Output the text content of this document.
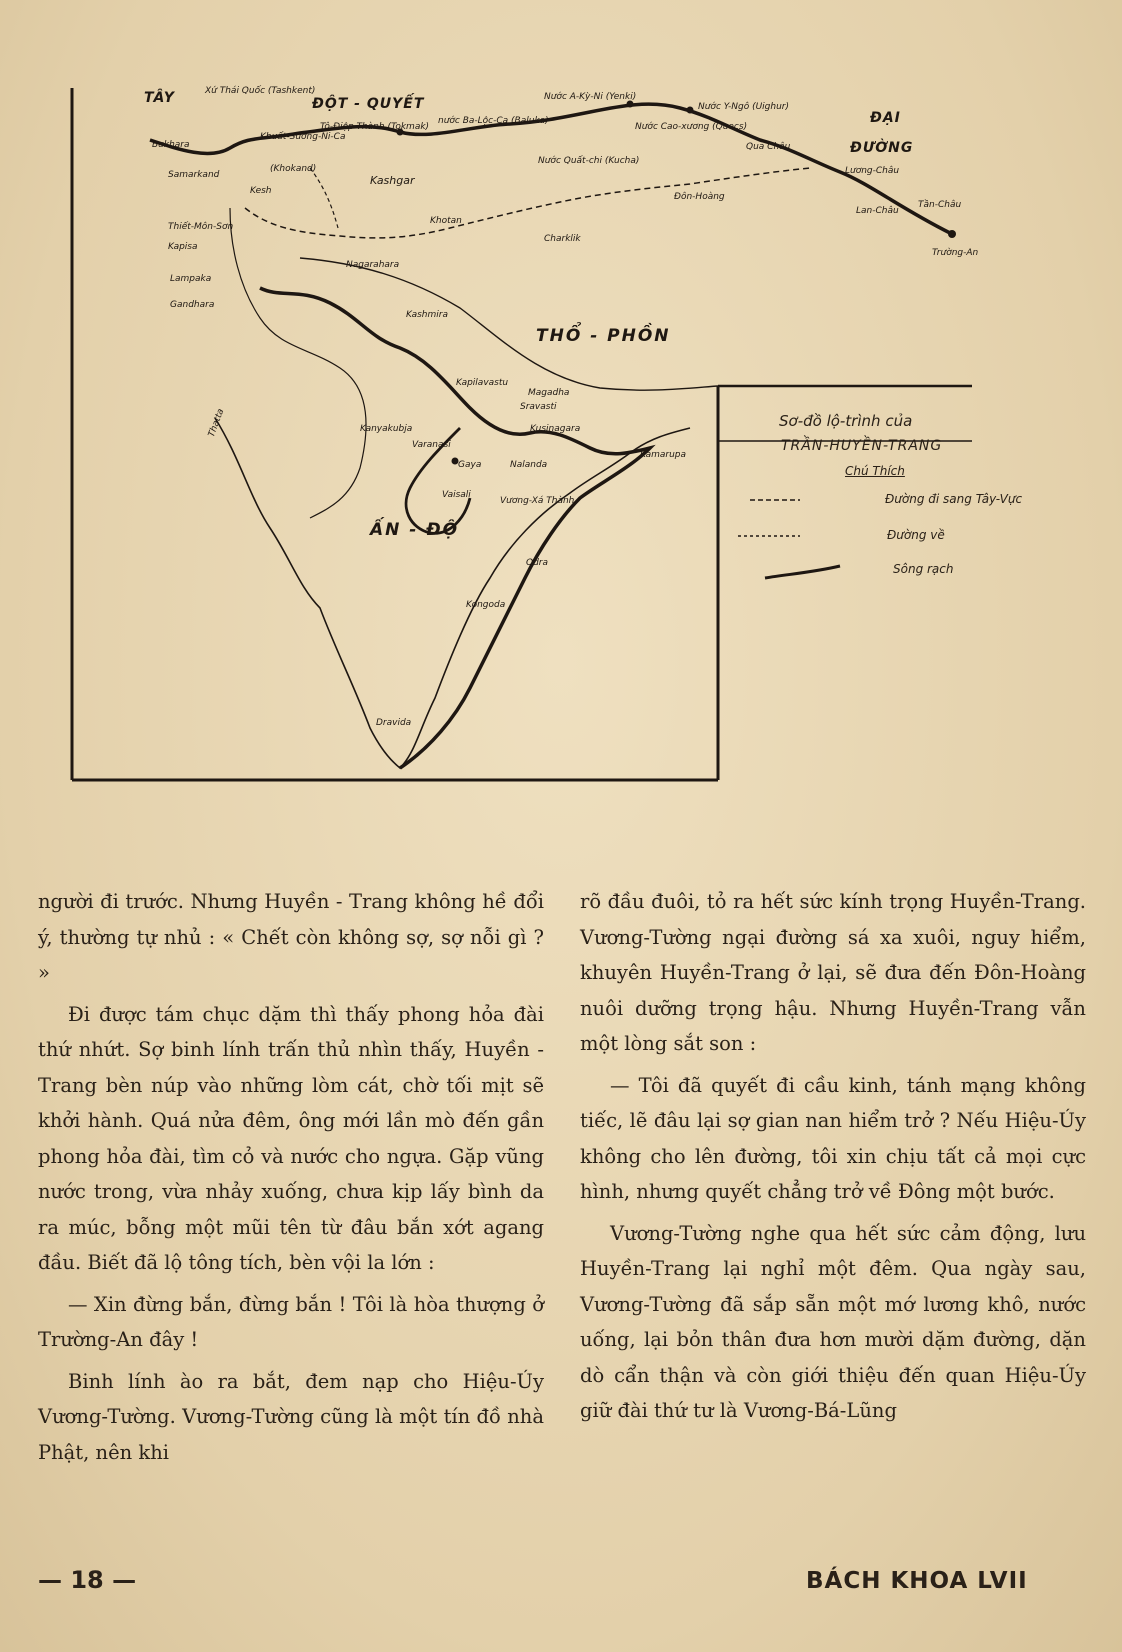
TÂY	Xứ Thái Quốc (Tashkent)
ĐỘT - QUYẾT
Tô-Điệp-Thành (Tokmak)
nước Ba-Lộc-Ca (Baluka)
Nước A-Kỳ-Ni (Yenki)
Nước Cao-xương (Quocs)
Nước Quất-chi (Kucha)
Nước Y-Ngô (Uighur)
Qua Châu
ĐẠI
ĐƯỜNG
Lương-Châu
Bukhara
Khuất-Sương-Ni-Ca
Samarkand
(Khokand)
Kesh
Kashgar
Đôn-Hoàng
Lan-Châu
Tần-Châu
Trường-An
Thiết-Môn-Sơn
Kapisa
Lampaka
Gandhara
Khotan
Charklik
Nagarahara
Kashmira
THỔ - PHỒN
Kapilavastu
Magadha
Sravasti
Kanyakubja	Kusinagara
Varanasi
Gaya	Nalanda
Kamarupa
Vaisali
Vương-Xá Thành
ẤN - ĐỘ
Odra
Kongoda
Dravida
Thatta	Sơ-đồ lộ-trình của
TRẦN-HUYỀN-TRANG
Chú Thích
Đường đi sang Tây-Vực
Đường về
Sông rạch

người đi trước. Nhưng Huyền - Trang không hề đổi ý, thường tự nhủ : « Chết còn không sợ, sợ nỗi gì ? »

Đi được tám chục dặm thì thấy phong hỏa đài thứ nhứt. Sợ binh lính trấn thủ nhìn thấy, Huyền - Trang bèn núp vào những lòm cát, chờ tối mịt sẽ khởi hành. Quá nửa đêm, ông mới lần mò đến gần phong hỏa đài, tìm cỏ và nước cho ngựa. Gặp vũng nước trong, vừa nhảy xuống, chưa kịp lấy bình da ra múc, bỗng một mũi tên từ đâu bắn xớt agang đầu. Biết đã lộ tông tích, bèn vội la lớn :

— Xin đừng bắn, đừng bắn ! Tôi là hòa thượng ở Trường-An đây !

Binh lính ào ra bắt, đem nạp cho Hiệu-Úy Vương-Tường. Vương-Tường cũng là một tín đồ nhà Phật, nên khi

rõ đầu đuôi, tỏ ra hết sức kính trọng Huyền-Trang. Vương-Tường ngại đường sá xa xuôi, nguy hiểm, khuyên Huyền-Trang ở lại, sẽ đưa đến Đôn-Hoàng nuôi dưỡng trọng hậu. Nhưng Huyền-Trang vẫn một lòng sắt son :

— Tôi đã quyết đi cầu kinh, tánh mạng không tiếc, lẽ đâu lại sợ gian nan hiểm trở ? Nếu Hiệu-Úy không cho lên đường, tôi xin chịu tất cả mọi cực hình, nhưng quyết chẳng trở về Đông một bước.

Vương-Tường nghe qua hết sức cảm động, lưu Huyền-Trang lại nghỉ một đêm. Qua ngày sau, Vương-Tường đã sắp sẵn một mớ lương khô, nước uống, lại bỏn thân đưa hơn mười dặm đường, dặn dò cẩn thận và còn giới thiệu đến quan Hiệu-Úy giữ đài thứ tư là Vương-Bá-Lũng

— 18 —	BÁCH KHOA LVII
